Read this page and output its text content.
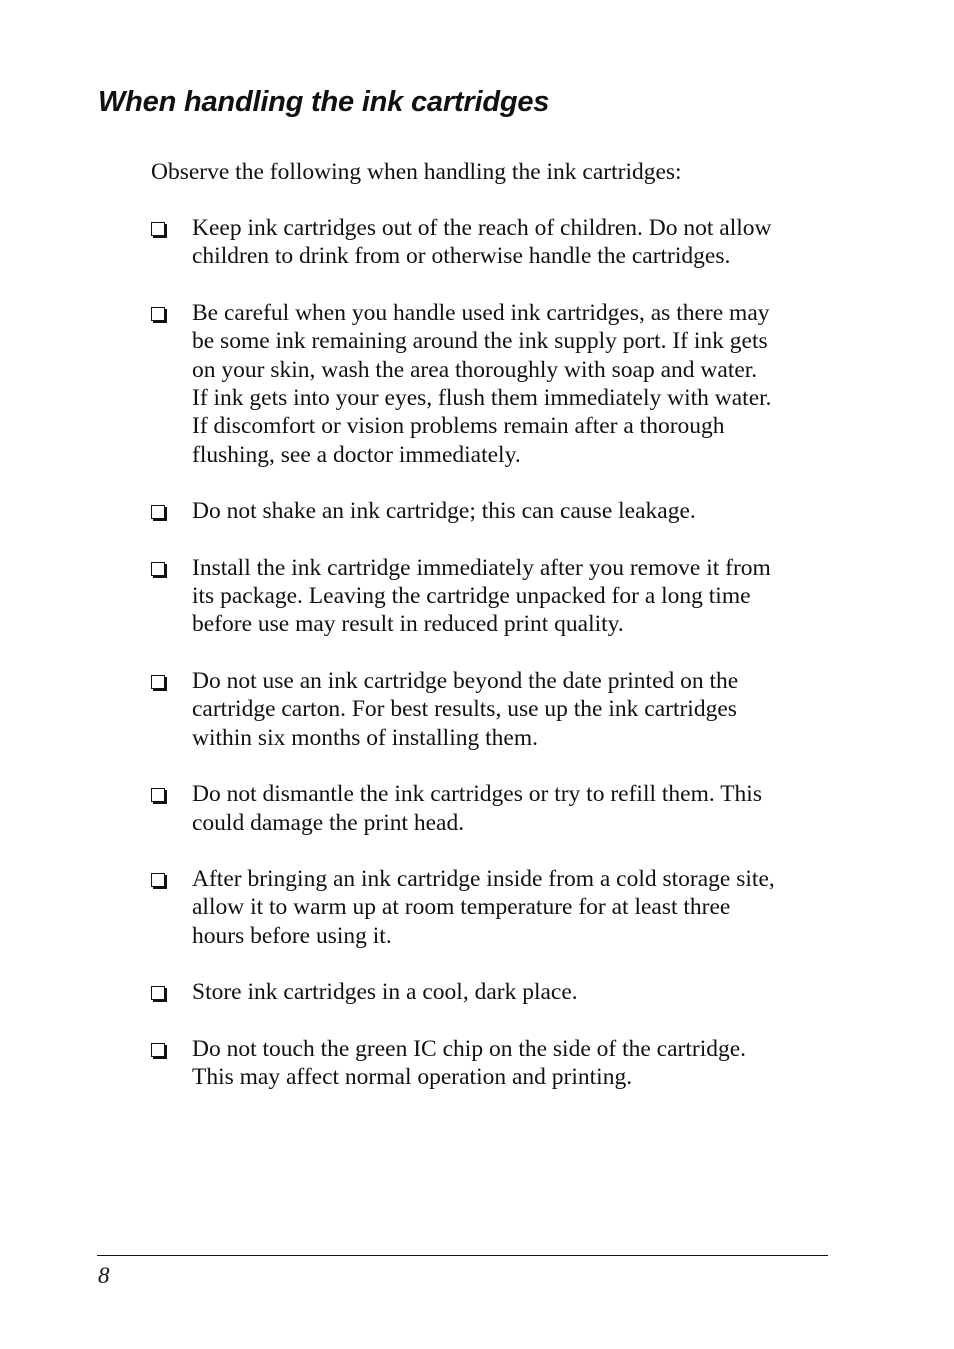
When handling the ink cartridges

Observe the following when handling the ink cartridges:

Keep ink cartridges out of the reach of children. Do not allow
children to drink from or otherwise handle the cartridges.
Be careful when you handle used ink cartridges, as there may
be some ink remaining around the ink supply port. If ink gets
on your skin, wash the area thoroughly with soap and water.
If ink gets into your eyes, flush them immediately with water.
If discomfort or vision problems remain after a thorough
flushing, see a doctor immediately.
Do not shake an ink cartridge; this can cause leakage.
Install the ink cartridge immediately after you remove it from
its package. Leaving the cartridge unpacked for a long time
before use may result in reduced print quality.
Do not use an ink cartridge beyond the date printed on the
cartridge carton. For best results, use up the ink cartridges
within six months of installing them.
Do not dismantle the ink cartridges or try to refill them. This
could damage the print head.
After bringing an ink cartridge inside from a cold storage site,
allow it to warm up at room temperature for at least three
hours before using it.
Store ink cartridges in a cool, dark place.
Do not touch the green IC chip on the side of the cartridge.
This may affect normal operation and printing.

8
